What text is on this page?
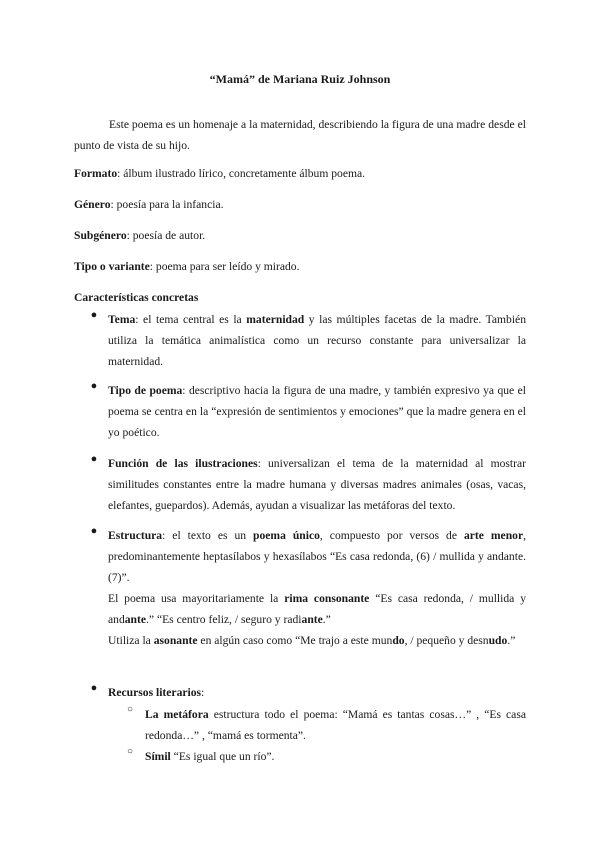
“Mamá” de Mariana Ruiz Johnson

Este poema es un homenaje a la maternidad, describiendo la figura de una madre desde el punto de vista de su hijo.

Formato: álbum ilustrado lírico, concretamente álbum poema.

Género: poesía para la infancia.

Subgénero: poesía de autor.

Tipo o variante: poema para ser leído y mirado.

Características concretas

● Tema: el tema central es la maternidad y las múltiples facetas de la madre. También utiliza la temática animalística como un recurso constante para universalizar la maternidad.

● Tipo de poema: descriptivo hacia la figura de una madre, y también expresivo ya que el poema se centra en la “expresión de sentimientos y emociones” que la madre genera en el yo poético.

● Función de las ilustraciones: universalizan el tema de la maternidad al mostrar similitudes constantes entre la madre humana y diversas madres animales (osas, vacas, elefantes, guepardos). Además, ayudan a visualizar las metáforas del texto.

● Estructura: el texto es un poema único, compuesto por versos de arte menor, predominantemente heptasílabos y hexasílabos “Es casa redonda, (6) / mullida y andante. (7)”.

El poema usa mayoritariamente la rima consonante “Es casa redonda, / mullida y andante.” “Es centro feliz, / seguro y radiante.”

Utiliza la asonante en algún caso como “Me trajo a este mundo, / pequeño y desnudo.”

● Recursos literarios:

○ La metáfora estructura todo el poema: “Mamá es tantas cosas…” , “Es casa redonda…” , “mamá es tormenta”.

○ Símil “Es igual que un río”.
